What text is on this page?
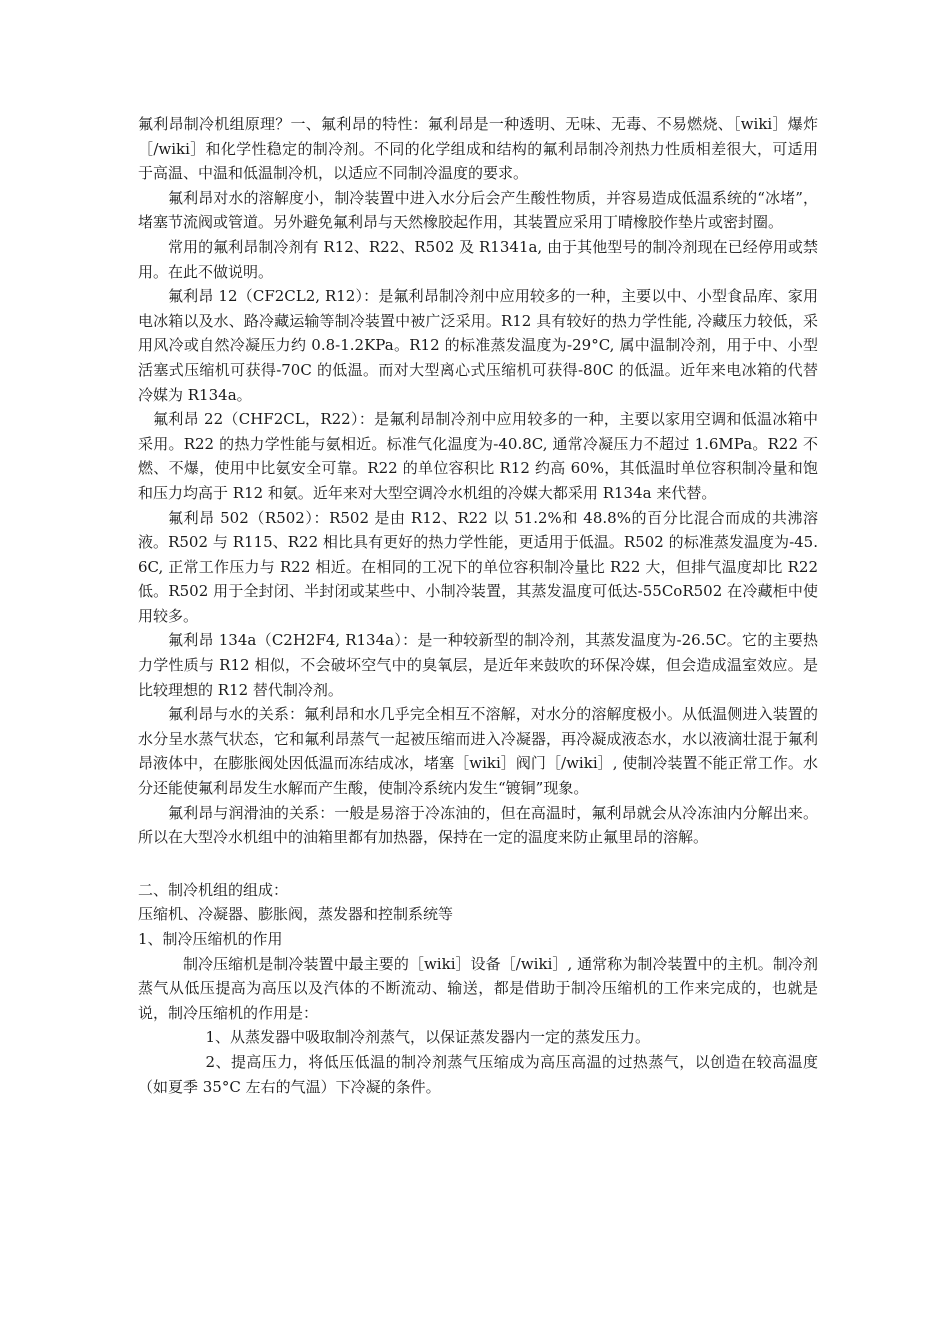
氟利昂制冷机组原理？一、氟利昂的特性：氟利昂是一种透明、无味、无毒、不易燃烧、［wiki］爆炸［/wiki］和化学性稳定的制冷剂。不同的化学组成和结构的氟利昂制冷剂热力性质相差很大，可适用于高温、中温和低温制冷机，以适应不同制冷温度的要求。

氟利昂对水的溶解度小，制冷装置中进入水分后会产生酸性物质，并容易造成低温系统的“冰堵”，堵塞节流阀或管道。另外避免氟利昂与天然橡胶起作用，其装置应采用丁晴橡胶作垫片或密封圈。

常用的氟利昂制冷剂有 R12、R22、R502 及 R1341a, 由于其他型号的制冷剂现在已经停用或禁用。在此不做说明。

氟利昂 12（CF2CL2, R12）：是氟利昂制冷剂中应用较多的一种，主要以中、小型食品库、家用电冰箱以及水、路冷藏运输等制冷装置中被广泛采用。R12 具有较好的热力学性能, 冷藏压力较低，采用风冷或自然冷凝压力约 0.8-1.2KPa。R12 的标准蒸发温度为-29°C, 属中温制冷剂，用于中、小型活塞式压缩机可获得-70C 的低温。而对大型离心式压缩机可获得-80C 的低温。近年来电冰箱的代替冷媒为 R134a。

氟利昂 22（CHF2CL，R22）：是氟利昂制冷剂中应用较多的一种，主要以家用空调和低温冰箱中采用。R22 的热力学性能与氨相近。标准气化温度为-40.8C, 通常冷凝压力不超过 1.6MPa。R22 不燃、不爆，使用中比氨安全可靠。R22 的单位容积比 R12 约高 60%，其低温时单位容积制冷量和饱和压力均高于 R12 和氨。近年来对大型空调冷水机组的冷媒大都采用 R134a 来代替。

氟利昂 502（R502）：R502 是由 R12、R22 以 51.2%和 48.8%的百分比混合而成的共沸溶液。R502 与 R115、R22 相比具有更好的热力学性能，更适用于低温。R502 的标准蒸发温度为-45.6C, 正常工作压力与 R22 相近。在相同的工况下的单位容积制冷量比 R22 大，但排气温度却比 R22 低。R502 用于全封闭、半封闭或某些中、小制冷装置，其蒸发温度可低达-55CoR502 在冷藏柜中使用较多。

氟利昂 134a（C2H2F4, R134a）：是一种较新型的制冷剂，其蒸发温度为-26.5C。它的主要热力学性质与 R12 相似，不会破坏空气中的臭氧层，是近年来鼓吹的环保冷媒，但会造成温室效应。是比较理想的 R12 替代制冷剂。

氟利昂与水的关系：氟利昂和水几乎完全相互不溶解，对水分的溶解度极小。从低温侧进入装置的水分呈水蒸气状态，它和氟利昂蒸气一起被压缩而进入冷凝器，再冷凝成液态水，水以液滴壮混于氟利昂液体中，在膨胀阀处因低温而冻结成冰，堵塞［wiki］阀门［/wiki］, 使制冷装置不能正常工作。水分还能使氟利昂发生水解而产生酸，使制冷系统内发生“镀铜”现象。

氟利昂与润滑油的关系：一般是易溶于冷冻油的，但在高温时，氟利昂就会从冷冻油内分解出来。所以在大型冷水机组中的油箱里都有加热器，保持在一定的温度来防止氟里昂的溶解。

二、制冷机组的组成：

压缩机、冷凝器、膨胀阀，蒸发器和控制系统等

1、制冷压缩机的作用

制冷压缩机是制冷装置中最主要的［wiki］设备［/wiki］, 通常称为制冷装置中的主机。制冷剂蒸气从低压提高为高压以及汽体的不断流动、输送，都是借助于制冷压缩机的工作来完成的，也就是说，制冷压缩机的作用是：

1、从蒸发器中吸取制冷剂蒸气，以保证蒸发器内一定的蒸发压力。

2、提高压力，将低压低温的制冷剂蒸气压缩成为高压高温的过热蒸气，以创造在较高温度（如夏季 35°C 左右的气温）下冷凝的条件。
